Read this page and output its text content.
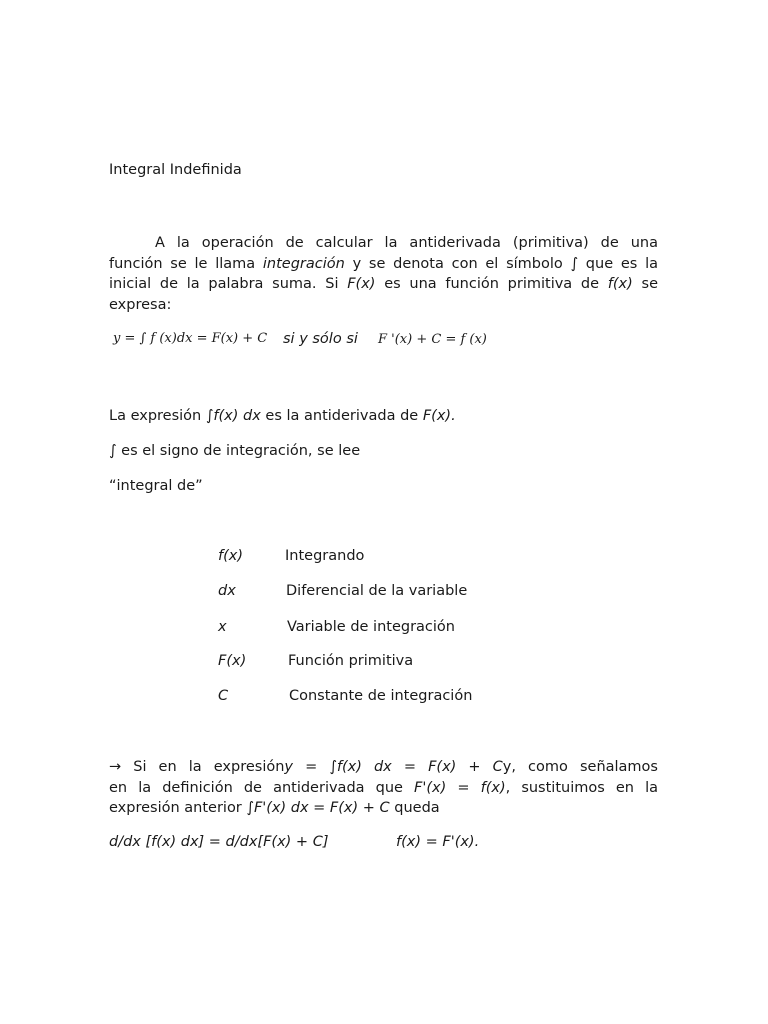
Integral Indefinida
A la operación de calcular la antiderivada (primitiva) de una
función se le llama integración y se denota con el símbolo ∫ que es la
inicial de la palabra suma. Si F(x) es una función primitiva de f(x) se
expresa:
y = ∫ f (x)dx = F(x) + C si y sólo si F '(x) + C = f (x)
La expresión ∫f(x) dx es la antiderivada de F(x).
∫ es el signo de integración, se lee
“integral de”
f(x)	Integrando
dx	Diferencial de la variable
x	Variable de integración
F(x)	Función primitiva
C	Constante de integración
→ Si en la expresióny = ∫f(x) dx = F(x) + Cy, como señalamos
en la definición de antiderivada que F'(x) = f(x), sustituimos en la
expresión anterior ∫F'(x) dx = F(x) + C queda
d/dx [f(x) dx] = d/dx[F(x) + C]	f(x) = F'(x).
